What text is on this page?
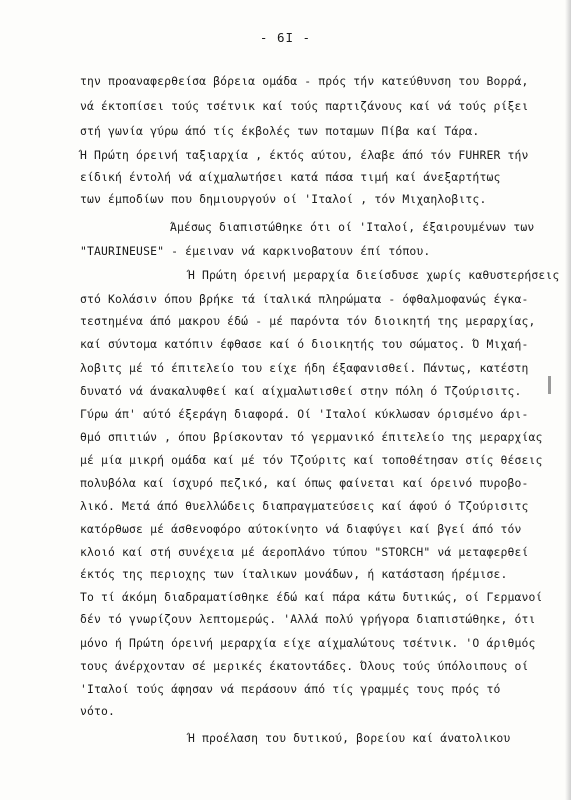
- 6I -
την προαναφερθείσα βόρεια ομάδα - πρός τήν κατεύθυνση του Βορρά,
νά έκτοπίσει τούς τσέτνικ καί τούς παρτιζάνους καί νά τούς ρίξει
στή γωνία γύρω άπό τίς έκβολές των ποταμων Πίβα καί Τάρα.
Ή Πρώτη όρεινή ταξιαρχία , έκτός αύτου, έλαβε άπό τόν FUHRER τήν
είδική έντολή νά αίχμαλωτήσει κατά πάσα τιμή καί άνεξαρτήτως
των έμποδίων που δημιουργούν οί 'Ιταλοί , τόν Μιχαηλοβιτς.
Άμέσως διαπιστώθηκε ότι οί 'Ιταλοί, έξαιρουμένων των
"TAURINEUSE" - έμειναν νά καρκινοβατουν έπί τόπου.
Ή Πρώτη όρεινή μεραρχία διείσδυσε χωρίς καθυστερήσεις
στό Κολάσιν όπου βρήκε τά ίταλικά πληρώματα - όφθαλμοφανώς έγκα-
τεστημένα άπό μακρου έδώ - μέ παρόντα τόν διοικητή της μεραρχίας,
καί σύντομα κατόπιν έφθασε καί ό διοικητής του σώματος. Ό Μιχαή-
λοβιτς μέ τό έπιτελείο του είχε ήδη έξαφανισθεί. Πάντως, κατέστη
δυνατό νά άνακαλυφθεί καί αίχμαλωτισθεί στην πόλη ό Τζούρισιτς.
Γύρω άπ' αύτό έξεράγη διαφορά. Οί 'Ιταλοί κύκλωσαν όρισμένο άρι-
θμό σπιτιών , όπου βρίσκονταν τό γερμανικό έπιτελείο της μεραρχίας
μέ μία μικρή ομάδα καί μέ τόν Τζούριτς καί τοποθέτησαν στίς θέσεις
πολυβόλα καί ίσχυρό πεζικό, καί όπως φαίνεται καί όρεινό πυροβο-
λικό. Μετά άπό θυελλώδεις διαπραγματεύσεις καί άφού ό Τζούρισιτς
κατόρθωσε μέ άσθενοφόρο αύτοκίνητο νά διαφύγει καί βγεί άπό τόν
κλοιό καί στή συνέχεια μέ άεροπλάνο τύπου "STORCH" νά μεταφερθεί
έκτός της περιοχης των ίταλικων μονάδων, ή κατάσταση ήρέμισε.
Το τί άκόμη διαδραματίσθηκε έδώ καί πάρα κάτω δυτικώς, οί Γερμανοί
δέν τό γνωρίζουν λεπτομερώς. 'Αλλά πολύ γρήγορα διαπιστώθηκε, ότι
μόνο ή Πρώτη όρεινή μεραρχία είχε αίχμαλώτους τσέτνικ. 'Ο άριθμός
τους άνέρχονταν σέ μερικές έκατοντάδες. Όλους τούς ύπόλοιπους οί
'Ιταλοί τούς άφησαν νά περάσουν άπό τίς γραμμές τους πρός τό
νότο.
Ή προέλαση του δυτικού, βορείου καί άνατολικου
